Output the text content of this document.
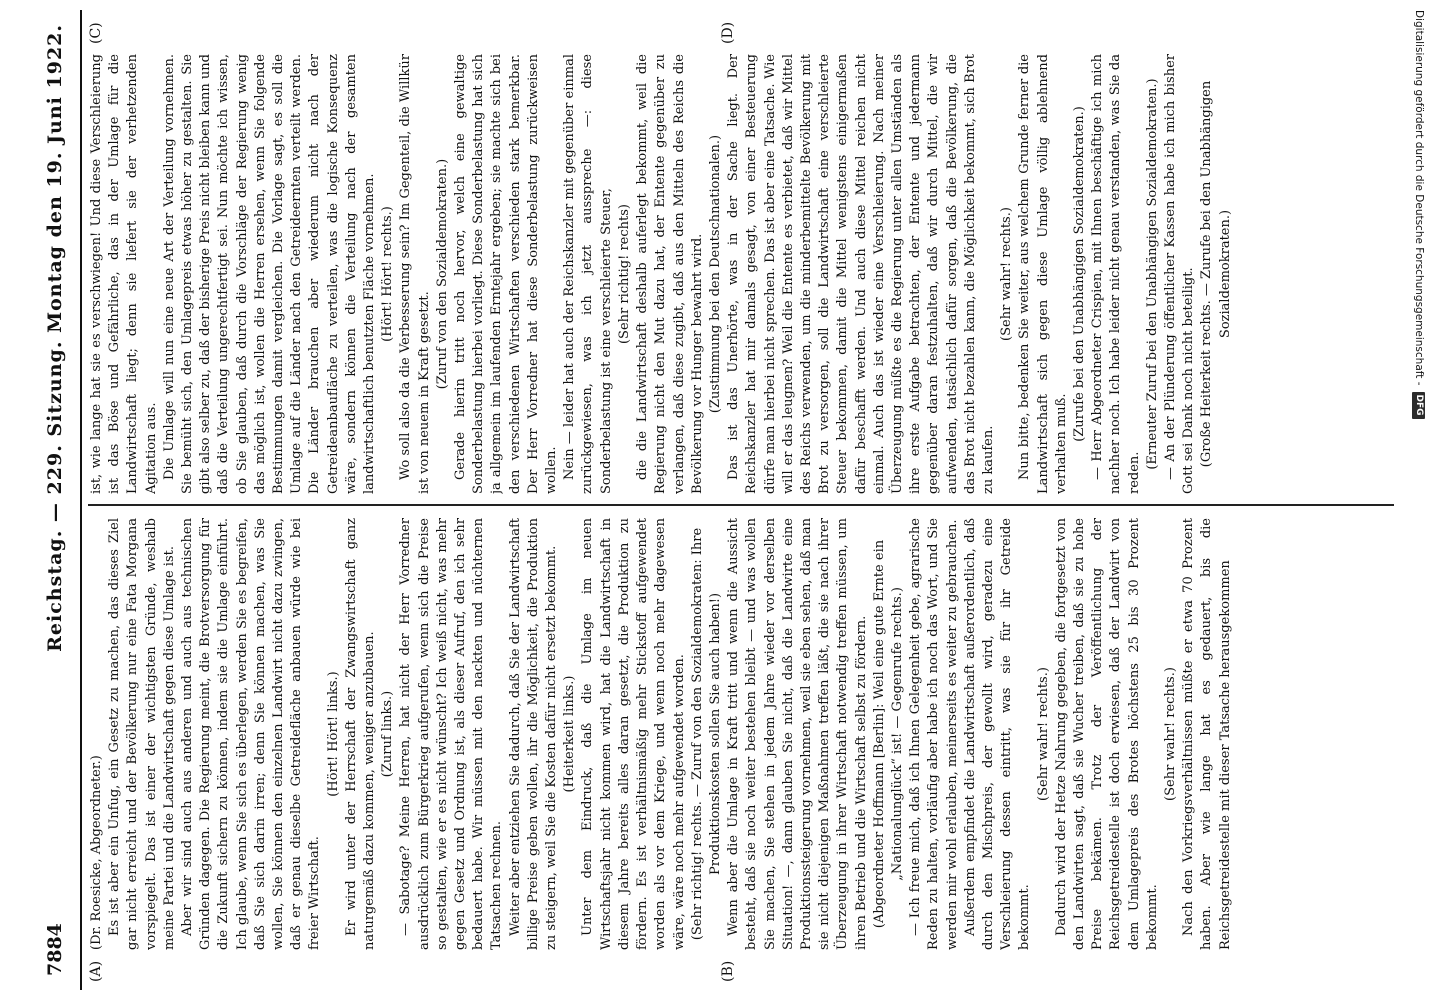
7884
Reichstag. — 229. Sitzung. Montag den 19. Juni 1922.
(A)	(B)
(C)	(D)

(Dr. Roesicke, Abgeordneter.) Es ist aber ein Unfug, ein Gesetz zu machen, das dieses Ziel gar nicht erreicht und der Bevölkerung nur eine Fata Morgana vorspiegelt. Das ist einer der wichtigsten Gründe, weshalb meine Partei und die Landwirtschaft gegen diese Umlage ist. Aber wir sind auch aus anderen und auch aus technischen Gründen dagegen. Die Regierung meint, die Brotversorgung für die Zukunft sichern zu können, indem sie die Umlage einführt. Ich glaube, wenn Sie sich es überlegen, werden Sie es begreifen, daß Sie sich darin irren; denn Sie können machen, was Sie wollen, Sie können den einzelnen Landwirt nicht dazu zwingen, daß er genau dieselbe Getreidefläche anbauen würde wie bei freier Wirtschaft.

(Hört! Hört! links.) Er wird unter der Herrschaft der Zwangswirtschaft ganz naturgemäß dazu kommen, weniger anzubauen. (Zuruf links.) — Sabotage? Meine Herren, hat nicht der Herr Vorredner ausdrücklich zum Bürgerkrieg aufgerufen, wenn sich die Preise so gestalten, wie er es nicht wünscht? Ich weiß nicht, was mehr gegen Gesetz und Ordnung ist, als dieser Aufruf, den ich sehr bedauert habe. Wir müssen mit den nackten und nüchternen Tatsachen rechnen. Weiter aber entziehen Sie dadurch, daß Sie der Landwirtschaft billige Preise geben wollen, ihr die Möglichkeit, die Produktion zu steigern, weil Sie die Kosten dafür nicht ersetzt bekommt. (Heiterkeit links.) Unter dem Eindruck, daß die Umlage im neuen Wirtschaftsjahr nicht kommen wird, hat die Landwirtschaft in diesem Jahre bereits alles daran gesetzt, die Produktion zu fördern. Es ist verhältnismäßig mehr Stickstoff aufgewendet worden als vor dem Kriege, und wenn noch mehr dagewesen wäre, wäre noch mehr aufgewendet worden. (Sehr richtig! rechts. — Zuruf von den Sozialdemokraten: Ihre Produktionskosten sollen Sie auch haben!) Wenn aber die Umlage in Kraft tritt und wenn die Aussicht besteht, daß sie noch weiter bestehen bleibt — und was wollen Sie machen, Sie stehen in jedem Jahre wieder vor derselben Situation! —, dann glauben Sie nicht, daß die Landwirte eine Produktionssteigerung vornehmen, weil sie eben sehen, daß man sie nicht diejenigen Maßnahmen treffen läßt, die sie nach ihrer Überzeugung in ihrer Wirtschaft notwendig treffen müssen, um ihren Betrieb und die Wirtschaft selbst zu fördern. (Abgeordneter Hoffmann [Berlin]: Weil eine gute Ernte ein „Nationalunglück“ ist! — Gegenrufe rechts.) — Ich freue mich, daß ich Ihnen Gelegenheit gebe, agrarische Reden zu halten, vorläufig aber habe ich noch das Wort, und Sie werden mir wohl erlauben, meinerseits es weiter zu gebrauchen. Außerdem empfindet die Landwirtschaft außerordentlich, daß durch den Mischpreis, der gewollt wird, geradezu eine Verschleierung dessen eintritt, was sie für ihr Getreide bekommt.

(Sehr wahr! rechts.) Dadurch wird der Hetze Nahrung gegeben, die fortgesetzt von den Landwirten sagt, daß sie Wucher treiben, daß sie zu hohe Preise bekämen. Trotz der Veröffentlichung der Reichsgetreidestelle ist doch erwiesen, daß der Landwirt von dem Umlagepreis des Brotes höchstens 25 bis 30 Prozent bekommt.

(Sehr wahr! rechts.) Nach den Vorkriegsverhältnissen müßte er etwa 70 Prozent haben. Aber wie lange hat es gedauert, bis die Reichsgetreidestelle mit dieser Tatsache herausgekommen

ist, wie lange hat sie es verschwiegen! Und diese Verschleierung ist das Böse und Gefährliche, das in der Umlage für die Landwirtschaft liegt; denn sie liefert sie der verhetzenden Agitation aus. Die Umlage will nun eine neue Art der Verteilung vornehmen. Sie bemüht sich, den Umlagepreis etwas höher zu gestalten. Sie gibt also selber zu, daß der bisherige Preis nicht bleiben kann und daß die Verteilung ungerechtfertigt sei. Nun möchte ich wissen, ob Sie glauben, daß durch die Vorschläge der Regierung wenig das möglich ist, wollen die Herren ersehen, wenn Sie folgende Bestimmungen damit vergleichen. Die Vorlage sagt, es soll die Umlage auf die Länder nach den Getreideernten verteilt werden. Die Länder brauchen aber wiederum nicht nach der Getreideanbaufläche zu verteilen, was die logische Konsequenz wäre, sondern können die Verteilung nach der gesamten landwirtschaftlich benutzten Fläche vornehmen. (Hört! Hört! rechts.) Wo soll also da die Verbesserung sein? Im Gegenteil, die Willkür ist von neuem in Kraft gesetzt.

(Zuruf von den Sozialdemokraten.) Gerade hierin tritt noch hervor, welch eine gewaltige Sonderbelastung hierbei vorliegt. Diese Sonderbelastung hat sich ja allgemein im laufenden Erntejahr ergeben; sie machte sich bei den verschiedenen Wirtschaften verschieden stark bemerkbar. Der Herr Vorredner hat diese Sonderbelastung zurückweisen wollen. Nein — leider hat auch der Reichskanzler mit gegenüber einmal zurückgewiesen, was ich jetzt ausspreche —: diese Sonderbelastung ist eine verschleierte Steuer, (Sehr richtig! rechts) die die Landwirtschaft deshalb auferlegt bekommt, weil die Regierung nicht den Mut dazu hat, der Entente gegenüber zu verlangen, daß diese zugibt, daß aus den Mitteln des Reichs die Bevölkerung vor Hunger bewahrt wird. (Zustimmung bei den Deutschnationalen.) Das ist das Unerhörte, was in der Sache liegt. Der Reichskanzler hat mir damals gesagt, von einer Besteuerung dürfe man hierbei nicht sprechen. Das ist aber eine Tatsache. Wie will er das leugnen? Weil die Entente es verbietet, daß wir Mittel des Reichs verwenden, um die minderbemittelte Bevölkerung mit Brot zu versorgen, soll die Landwirtschaft eine verschleierte Steuer bekommen, damit die Mittel wenigstens einigermaßen dafür beschafft werden. Und auch diese Mittel reichen nicht einmal. Auch das ist wieder eine Verschleierung. Nach meiner Überzeugung müßte es die Regierung unter allen Umständen als ihre erste Aufgabe betrachten, der Entente und jedermann gegenüber daran festzuhalten, daß wir durch Mittel, die wir aufwenden, tatsächlich dafür sorgen, daß die Bevölkerung, die das Brot nicht bezahlen kann, die Möglichkeit bekommt, sich Brot zu kaufen.

(Sehr wahr! rechts.) Nun bitte, bedenken Sie weiter, aus welchem Grunde ferner die Landwirtschaft sich gegen diese Umlage völlig ablehnend verhalten muß.

(Zurufe bei den Unabhängigen Sozialdemokraten.) — Herr Abgeordneter Crispien, mit Ihnen beschäftige ich mich nachher noch. Ich habe leider nicht genau verstanden, was Sie da reden.

(Erneuter Zuruf bei den Unabhängigen Sozialdemokraten.) — An der Plünderung öffentlicher Kassen habe ich mich bisher Gott sei Dank noch nicht beteiligt. (Große Heiterkeit rechts. — Zurufe bei den Unabhängigen Sozialdemokraten.)	Digitalisierung gefördert durch die Deutsche Forschungsgemeinschaft -
DFG
